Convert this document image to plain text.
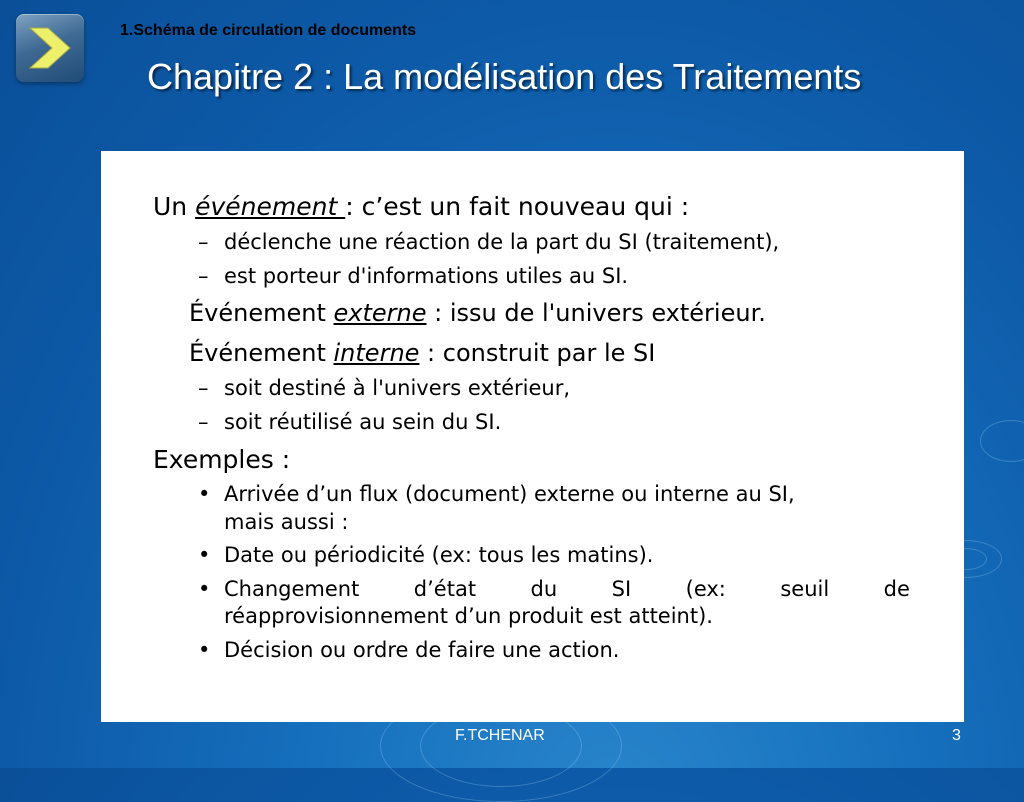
1.Schéma de circulation de documents
Chapitre 2 : La modélisation des Traitements
Un événement : c’est un fait nouveau qui :
– déclenche une réaction de la part du SI (traitement),
– est porteur d'informations utiles au SI.
Événement externe : issu de l'univers extérieur.
Événement interne : construit par le SI
– soit destiné à l'univers extérieur,
– soit réutilisé au sein du SI.
Exemples :
• Arrivée d’un flux (document) externe ou interne au SI,
mais aussi :
• Date ou périodicité (ex: tous les matins).
• Changement	d’état	du	SI	(ex:	seuil	de
réapprovisionnement d’un produit est atteint).
• Décision ou ordre de faire une action.
F.TCHENAR	3
